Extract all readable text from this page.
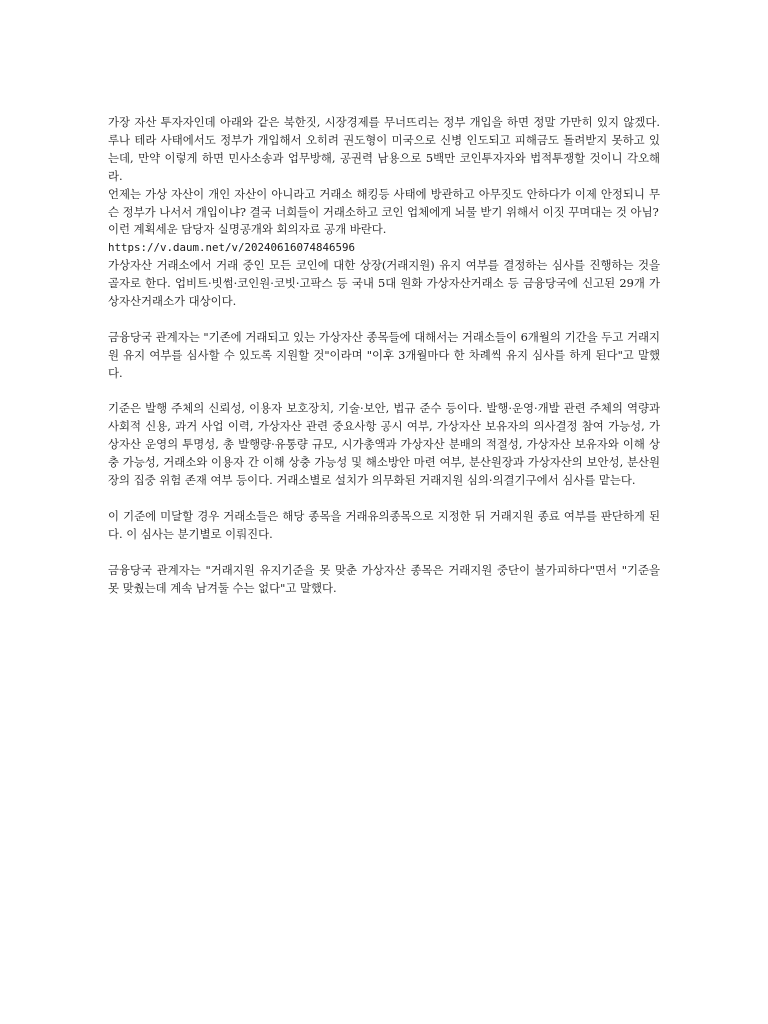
가장 자산 투자자인데 아래와 같은 북한짓, 시장경제를 무너뜨리는 정부 개입을 하면 정말 가만히 있지 않겠다. 루나 테라 사태에서도 정부가 개입해서 오히려 권도형이 미국으로 신병 인도되고 피해금도 돌려받지 못하고 있는데, 만약 이렇게 하면 민사소송과 업무방해, 공권력 남용으로 5백만 코인투자자와 법적투쟁할 것이니 각오해라.

언제는 가상 자산이 개인 자산이 아니라고 거래소 해킹등 사태에 방관하고 아무짓도 안하다가 이제 안정되니 무슨 정부가 나서서 개입이냐? 결국 너희들이 거래소하고 코인 업체에게 뇌물 받기 위해서 이짓 꾸며대는 것 아님?

이런 계획세운 담당자 실명공개와 회의자료 공개 바란다.

https://v.daum.net/v/20240616074846596

가상자산 거래소에서 거래 중인 모든 코인에 대한 상장(거래지원) 유지 여부를 결정하는 심사를 진행하는 것을 골자로 한다. 업비트·빗썸·코인원·코빗·고팍스 등 국내 5대 원화 가상자산거래소 등 금융당국에 신고된 29개 가상자산거래소가 대상이다.

금융당국 관계자는 "기존에 거래되고 있는 가상자산 종목들에 대해서는 거래소들이 6개월의 기간을 두고 거래지원 유지 여부를 심사할 수 있도록 지원할 것"이라며 "이후 3개월마다 한 차례씩 유지 심사를 하게 된다"고 말했다.

기준은 발행 주체의 신뢰성, 이용자 보호장치, 기술·보안, 법규 준수 등이다. 발행·운영·개발 관련 주체의 역량과 사회적 신용, 과거 사업 이력, 가상자산 관련 중요사항 공시 여부, 가상자산 보유자의 의사결정 참여 가능성, 가상자산 운영의 투명성, 총 발행량·유통량 규모, 시가총액과 가상자산 분배의 적절성, 가상자산 보유자와 이해 상충 가능성, 거래소와 이용자 간 이해 상충 가능성 및 해소방안 마련 여부, 분산원장과 가상자산의 보안성, 분산원장의 집중 위험 존재 여부 등이다. 거래소별로 설치가 의무화된 거래지원 심의·의결기구에서 심사를 맡는다.

이 기준에 미달할 경우 거래소들은 해당 종목을 거래유의종목으로 지정한 뒤 거래지원 종료 여부를 판단하게 된다. 이 심사는 분기별로 이뤄진다.

금융당국 관계자는 "거래지원 유지기준을 못 맞춘 가상자산 종목은 거래지원 중단이 불가피하다"면서 "기준을 못 맞췄는데 계속 남겨둘 수는 없다"고 말했다.
